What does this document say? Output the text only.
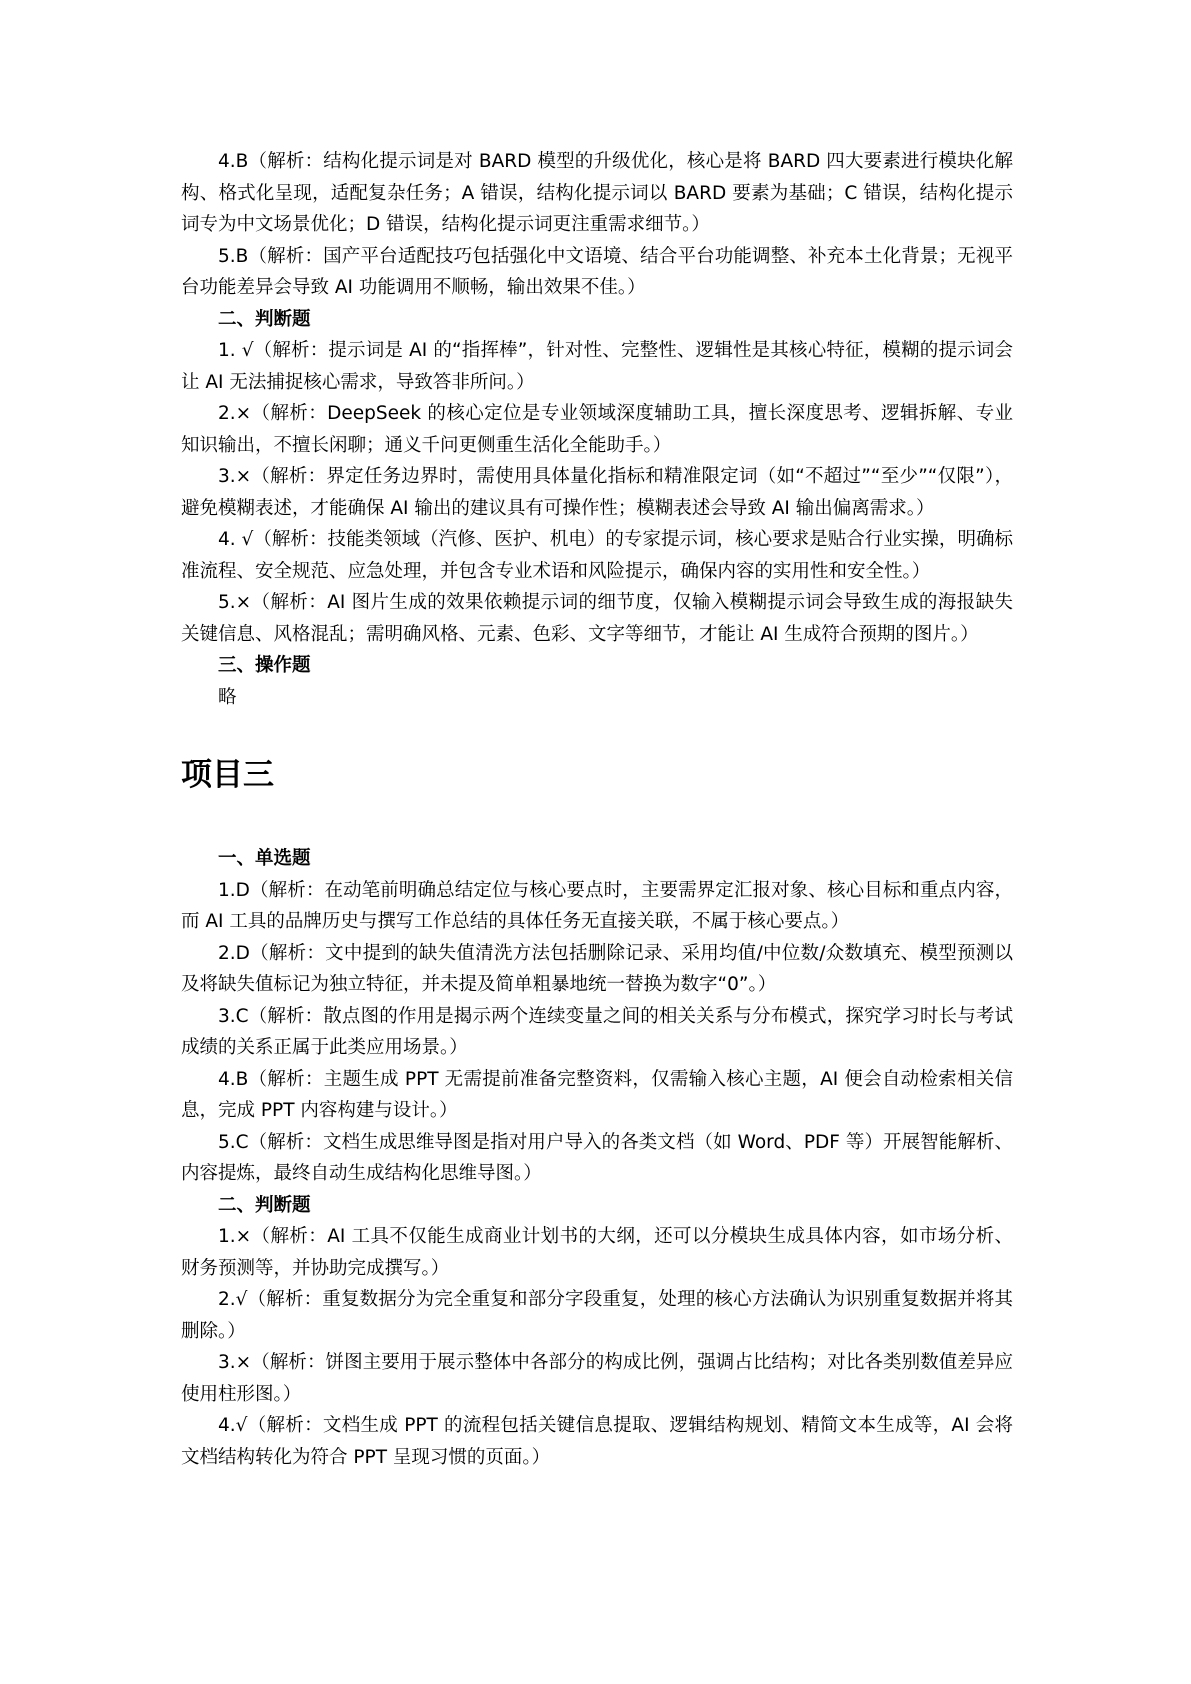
4.B（解析：结构化提示词是对 BARD 模型的升级优化，核心是将 BARD 四大要素进行模块化解构、格式化呈现，适配复杂任务；A 错误，结构化提示词以 BARD 要素为基础；C 错误，结构化提示词专为中文场景优化；D 错误，结构化提示词更注重需求细节。）

5.B（解析：国产平台适配技巧包括强化中文语境、结合平台功能调整、补充本土化背景；无视平台功能差异会导致 AI 功能调用不顺畅，输出效果不佳。）

二、判断题

1. √（解析：提示词是 AI 的“指挥棒”，针对性、完整性、逻辑性是其核心特征，模糊的提示词会让 AI 无法捕捉核心需求，导致答非所问。）

2.×（解析：DeepSeek 的核心定位是专业领域深度辅助工具，擅长深度思考、逻辑拆解、专业知识输出，不擅长闲聊；通义千问更侧重生活化全能助手。）

3.×（解析：界定任务边界时，需使用具体量化指标和精准限定词（如“不超过”“至少”“仅限”），避免模糊表述，才能确保 AI 输出的建议具有可操作性；模糊表述会导致 AI 输出偏离需求。）

4. √（解析：技能类领域（汽修、医护、机电）的专家提示词，核心要求是贴合行业实操，明确标准流程、安全规范、应急处理，并包含专业术语和风险提示，确保内容的实用性和安全性。）

5.×（解析：AI 图片生成的效果依赖提示词的细节度，仅输入模糊提示词会导致生成的海报缺失关键信息、风格混乱；需明确风格、元素、色彩、文字等细节，才能让 AI 生成符合预期的图片。）

三、操作题

略

项目三

一、单选题

1.D（解析：在动笔前明确总结定位与核心要点时，主要需界定汇报对象、核心目标和重点内容，而 AI 工具的品牌历史与撰写工作总结的具体任务无直接关联，不属于核心要点。）

2.D（解析：文中提到的缺失值清洗方法包括删除记录、采用均值/中位数/众数填充、模型预测以及将缺失值标记为独立特征，并未提及简单粗暴地统一替换为数字“0”。）

3.C（解析：散点图的作用是揭示两个连续变量之间的相关关系与分布模式，探究学习时长与考试成绩的关系正属于此类应用场景。）

4.B（解析：主题生成 PPT 无需提前准备完整资料，仅需输入核心主题，AI 便会自动检索相关信息，完成 PPT 内容构建与设计。）

5.C（解析：文档生成思维导图是指对用户导入的各类文档（如 Word、PDF 等）开展智能解析、内容提炼，最终自动生成结构化思维导图。）

二、判断题

1.×（解析：AI 工具不仅能生成商业计划书的大纲，还可以分模块生成具体内容，如市场分析、财务预测等，并协助完成撰写。）

2.√（解析：重复数据分为完全重复和部分字段重复，处理的核心方法确认为识别重复数据并将其删除。）

3.×（解析：饼图主要用于展示整体中各部分的构成比例，强调占比结构；对比各类别数值差异应使用柱形图。）

4.√（解析：文档生成 PPT 的流程包括关键信息提取、逻辑结构规划、精简文本生成等，AI 会将文档结构转化为符合 PPT 呈现习惯的页面。）
